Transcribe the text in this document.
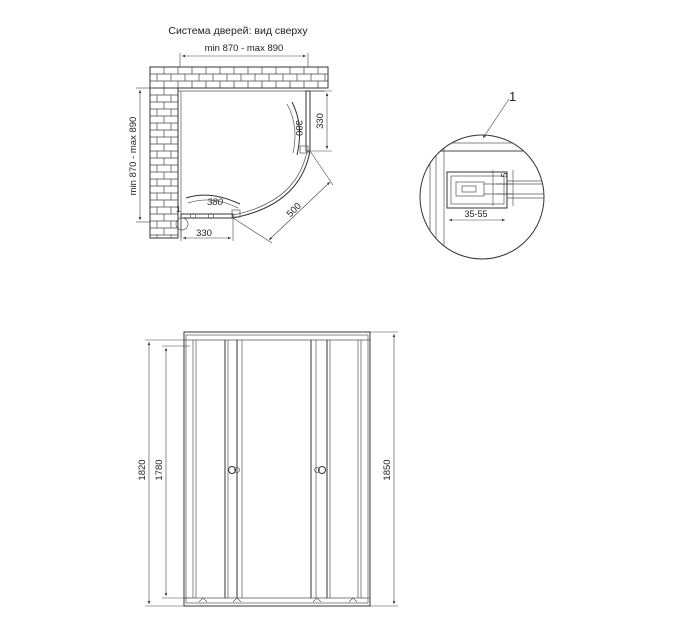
Система дверей: вид сверху
min 870 - max 890
min 870 - max 890	380
380
330
330
500
1
1
5
35-55
1820 1780	1850
